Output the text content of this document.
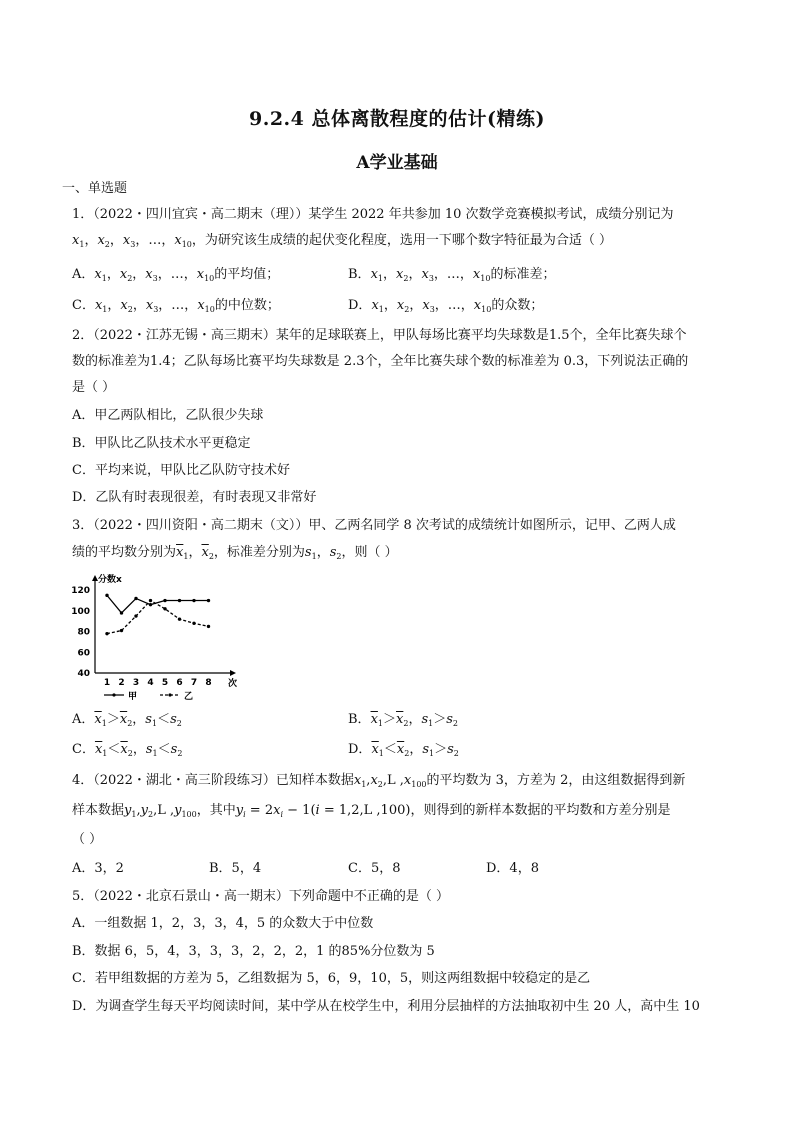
9.2.4 总体离散程度的估计(精练)
A学业基础
一、单选题
1．（2022・四川宜宾・高二期末（理））某学生 2022 年共参加 10 次数学竞赛模拟考试，成绩分别记为
$x_1$，$x_2$，$x_3$，…，$x_{10}$，为研究该生成绩的起伏变化程度，选用一下哪个数字特征最为合适（ ）
A．$x_1$，$x_2$，$x_3$，…，$x_{10}$的平均值；	B．$x_1$，$x_2$，$x_3$，…，$x_{10}$的标准差；
C．$x_1$，$x_2$，$x_3$，…，$x_{10}$的中位数；	D．$x_1$，$x_2$，$x_3$，…，$x_{10}$的众数；
2．（2022・江苏无锡・高三期末）某年的足球联赛上，甲队每场比赛平均失球数是1.5个，全年比赛失球个
数的标准差为1.4；乙队每场比赛平均失球数是 2.3个，全年比赛失球个数的标准差为 0.3，下列说法正确的
是（ ）
A．甲乙两队相比，乙队很少失球
B．甲队比乙队技术水平更稳定
C．平均来说，甲队比乙队防守技术好
D．乙队有时表现很差，有时表现又非常好
3．（2022・四川资阳・高二期末（文））甲、乙两名同学 8 次考试的成绩统计如图所示，记甲、乙两人成
绩的平均数分别为$\overline{x}_1$，$\overline{x}_2$，标准差分别为$s_1$，$s_2$，则（ ）
40
60
80
100
120
1 2 3 4 5 6 7 8
分数x
次
甲	乙
A．$\overline{x}_1>\overline{x}_2$，$s_1<s_2$	B．$\overline{x}_1>\overline{x}_2$，$s_1>s_2$
C．$\overline{x}_1<\overline{x}_2$，$s_1<s_2$	D．$\overline{x}_1<\overline{x}_2$，$s_1>s_2$
4．（2022・湖北・高三阶段练习）已知样本数据$x_1,x_2,L$ $,x_{100}$的平均数为 3，方差为 2，由这组数据得到新
样本数据$y_1,y_2,L$ $,y_{100}$，其中$y_i = 2x_i - 1(i = 1,2,L$ ,100)，则得到的新样本数据的平均数和方差分别是
（ ）
A．3，2	B．5，4	C．5，8	D．4，8
5．（2022・北京石景山・高一期末）下列命题中不正确的是（ ）
A．一组数据 1，2，3，3，4，5 的众数大于中位数
B．数据 6，5，4，3，3，3，2，2，2，1 的85%分位数为 5
C．若甲组数据的方差为 5，乙组数据为 5，6，9，10，5，则这两组数据中较稳定的是乙
D．为调查学生每天平均阅读时间，某中学从在校学生中，利用分层抽样的方法抽取初中生 20 人，高中生 10
